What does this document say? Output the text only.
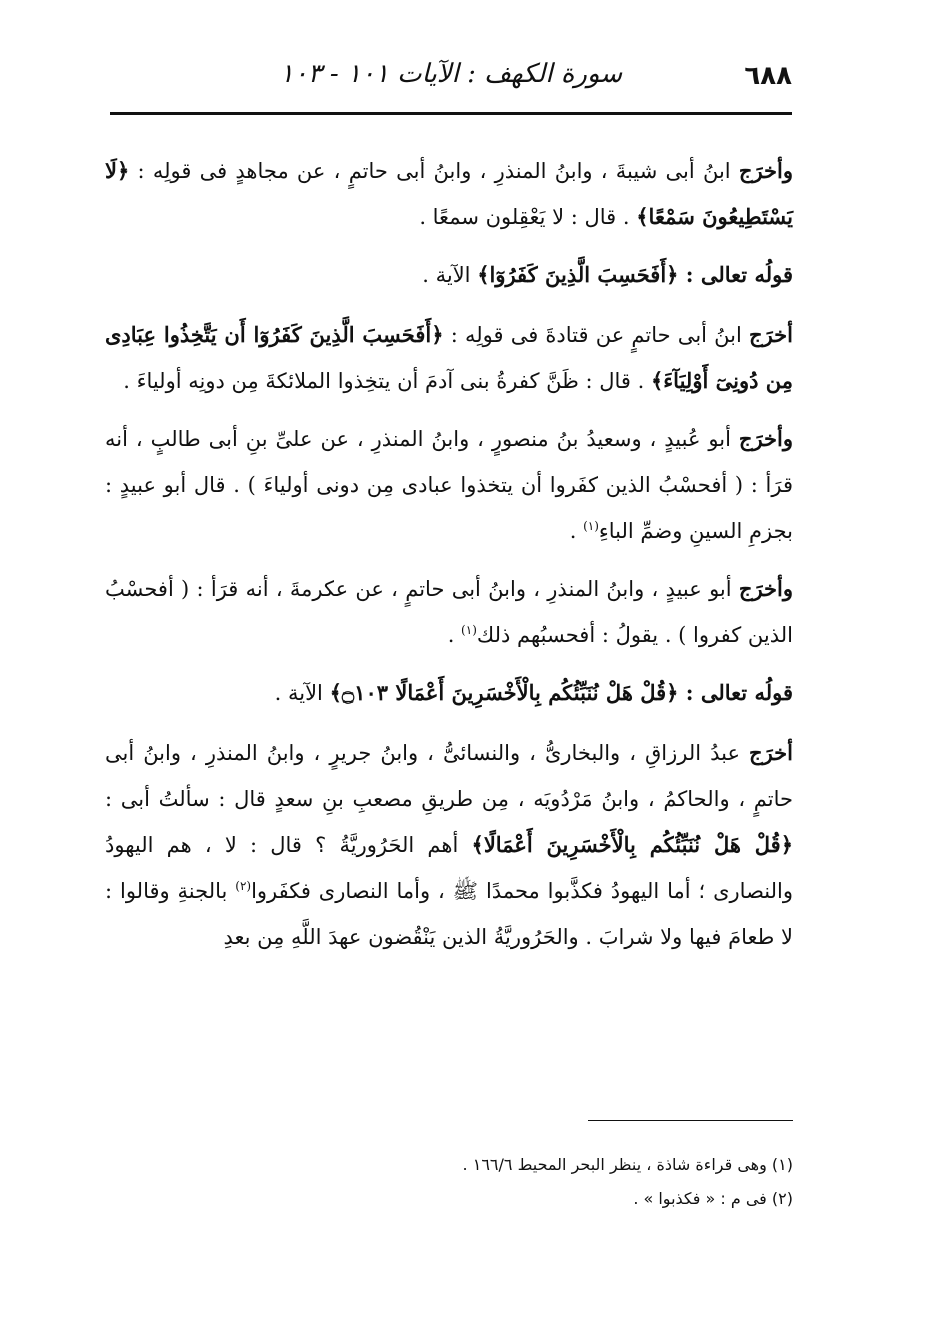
٦٨٨
سورة الكهف : الآيات ١٠١ - ١٠٣

وأخرَج ابنُ أبى شيبةَ ، وابنُ المنذرِ ، وابنُ أبى حاتمٍ ، عن مجاهدٍ فى قولِه : ﴿لَا يَسْتَطِيعُونَ سَمْعًا﴾ . قال : لا يَعْقِلون سمعًا .

قولُه تعالى : ﴿أَفَحَسِبَ الَّذِينَ كَفَرُوٓا﴾ الآية .

أخرَج ابنُ أبى حاتمٍ عن قتادةَ فى قولِه : ﴿أَفَحَسِبَ الَّذِينَ كَفَرُوٓا أَن يَتَّخِذُوا عِبَادِى مِن دُونِىٓ أَوْلِيَآءَ﴾ . قال : ظَنَّ كفرةُ بنى آدمَ أن يتخِذوا الملائكةَ مِن دونِه أولياءَ .

وأخرَج أبو عُبيدٍ ، وسعيدُ بنُ منصورٍ ، وابنُ المنذرِ ، عن علىِّ بنِ أبى طالبٍ ، أنه قرَأ : ( أفحسْبُ الذين كفَروا أن يتخذوا عبادى مِن دونى أولياءَ ) . قال أبو عبيدٍ : بجزمِ السينِ وضمِّ الباءِ$^{(١)}$ .

وأخرَج أبو عبيدٍ ، وابنُ المنذرِ ، وابنُ أبى حاتمٍ ، عن عكرمةَ ، أنه قرَأ : ( أفحسْبُ الذين كفروا ) . يقولُ : أفحسبُهم ذلك$^{(١)}$ .

قولُه تعالى : ﴿قُلْ هَلْ نُنَبِّئُكُم بِالْأَخْسَرِينَ أَعْمَالًا ۝١٠٣﴾ الآية .

أخرَج عبدُ الرزاقِ ، والبخارىُّ ، والنسائىُّ ، وابنُ جريرٍ ، وابنُ المنذرِ ، وابنُ أبى حاتمٍ ، والحاكمُ ، وابنُ مَرْدُويَه ، مِن طريقِ مصعبِ بنِ سعدٍ قال : سألتُ أبى : ﴿قُلْ هَلْ نُنَبِّئُكُم بِالْأَخْسَرِينَ أَعْمَالًا﴾ أهم الحَرُوريَّةُ ؟ قال : لا ، هم اليهودُ والنصارى ؛ أما اليهودُ فكذَّبوا محمدًا ﷺ ، وأما النصارى فكفَروا$^{(٢)}$ بالجنةِ وقالوا : لا طعامَ فيها ولا شرابَ . والحَرُوريَّةُ الذين يَنْقُضون عهدَ اللَّهِ مِن بعدِ

(١) وهى قراءة شاذة ، ينظر البحر المحيط ١٦٦/٦ .

(٢) فى م : « فكذبوا » .
